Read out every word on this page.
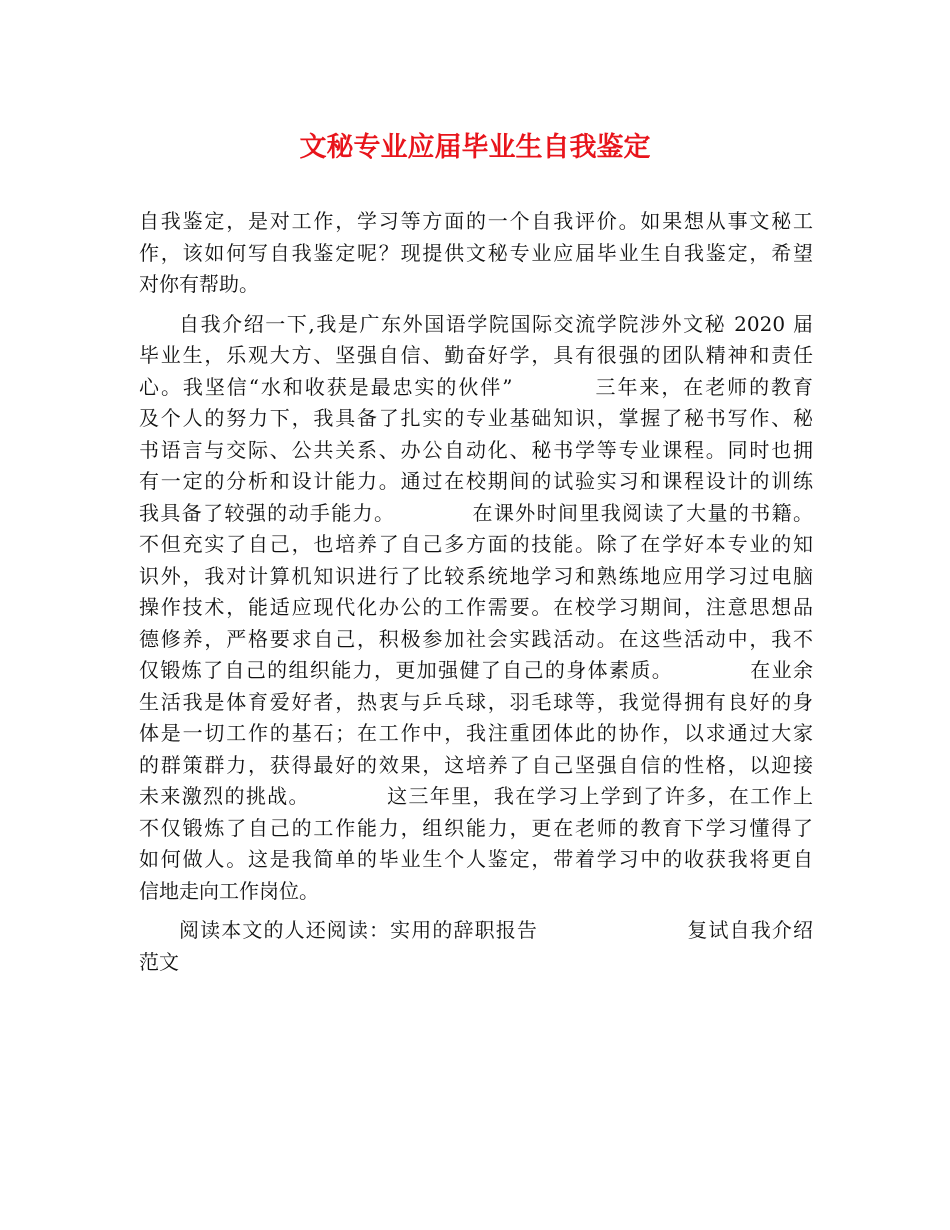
文秘专业应届毕业生自我鉴定
自我鉴定，是对工作，学习等方面的一个自我评价。如果想从事文秘工
作，该如何写自我鉴定呢？现提供文秘专业应届毕业生自我鉴定，希望
对你有帮助。
自我介绍一下,我是广东外国语学院国际交流学院涉外文秘 2020 届
毕业生，乐观大方、坚强自信、勤奋好学，具有很强的团队精神和责任
心。我坚信“水和收获是最忠实的伙伴”          三年来，在老师的教育
及个人的努力下，我具备了扎实的专业基础知识，掌握了秘书写作、秘
书语言与交际、公共关系、办公自动化、秘书学等专业课程。同时也拥
有一定的分析和设计能力。通过在校期间的试验实习和课程设计的训练
我具备了较强的动手能力。          在课外时间里我阅读了大量的书籍。
不但充实了自己，也培养了自己多方面的技能。除了在学好本专业的知
识外，我对计算机知识进行了比较系统地学习和熟练地应用学习过电脑
操作技术，能适应现代化办公的工作需要。在校学习期间，注意思想品
德修养，严格要求自己，积极参加社会实践活动。在这些活动中，我不
仅锻炼了自己的组织能力，更加强健了自己的身体素质。          在业余
生活我是体育爱好者，热衷与乒乓球，羽毛球等，我觉得拥有良好的身
体是一切工作的基石；在工作中，我注重团体此的协作，以求通过大家
的群策群力，获得最好的效果，这培养了自己坚强自信的性格，以迎接
未来激烈的挑战。          这三年里，我在学习上学到了许多，在工作上
不仅锻炼了自己的工作能力，组织能力，更在老师的教育下学习懂得了
如何做人。这是我简单的毕业生个人鉴定，带着学习中的收获我将更自
信地走向工作岗位。
阅读本文的人还阅读：实用的辞职报告                    复试自我介绍
范文
